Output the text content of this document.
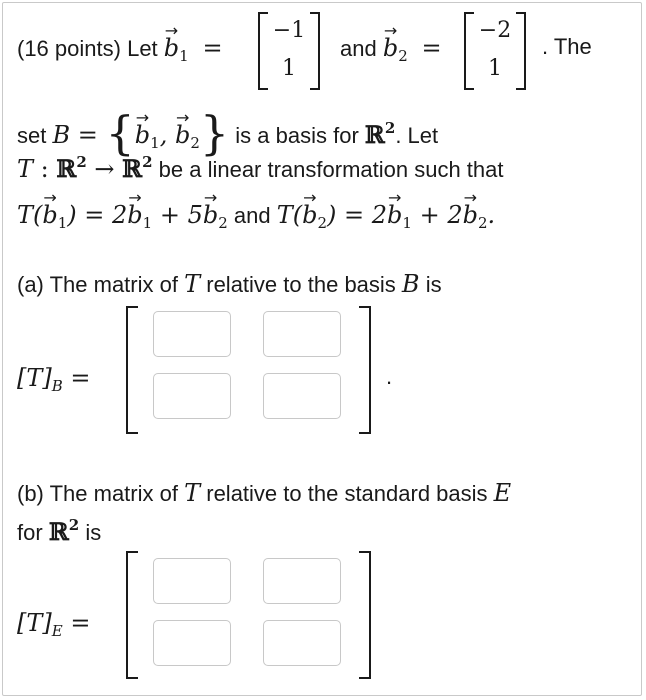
(16 points) Let → $b_1$  =
−1
1
and → $b_2$  =
−2
1
. The
set B = {→ $b_1$, → $b_2$} is a basis for ℝ$^2$. Let
T : ℝ$^2$ → ℝ$^2$ be a linear transformation such that
$T(\to b_1) = 2\to b_1 + 5\to b_2$ and $T(\to b_2) = 2\to b_1 + 2\to b_2$.
(a) The matrix of T relative to the basis B is
$[T]_B$ =	.
(b) The matrix of T relative to the standard basis E
for ℝ$^2$ is
$[T]_E$ =
